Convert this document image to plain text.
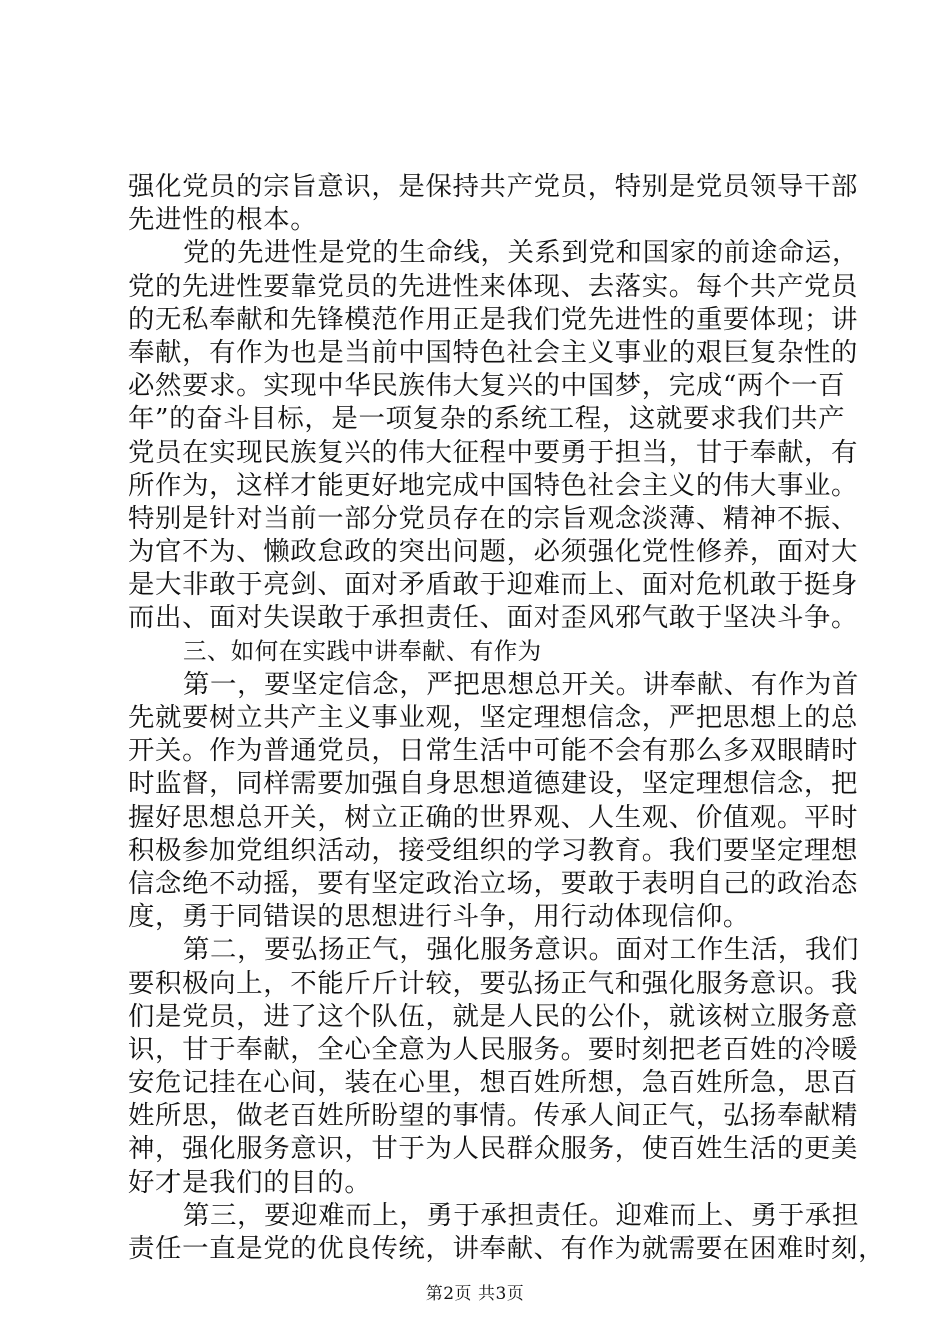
强化党员的宗旨意识，是保持共产党员，特别是党员领导干部
先进性的根本。
党的先进性是党的生命线，关系到党和国家的前途命运，
党的先进性要靠党员的先进性来体现、去落实。每个共产党员
的无私奉献和先锋模范作用正是我们党先进性的重要体现；讲
奉献，有作为也是当前中国特色社会主义事业的艰巨复杂性的
必然要求。实现中华民族伟大复兴的中国梦，完成“两个一百
年”的奋斗目标，是一项复杂的系统工程，这就要求我们共产
党员在实现民族复兴的伟大征程中要勇于担当，甘于奉献，有
所作为，这样才能更好地完成中国特色社会主义的伟大事业。
特别是针对当前一部分党员存在的宗旨观念淡薄、精神不振、
为官不为、懒政怠政的突出问题，必须强化党性修养，面对大
是大非敢于亮剑、面对矛盾敢于迎难而上、面对危机敢于挺身
而出、面对失误敢于承担责任、面对歪风邪气敢于坚决斗争。
三、如何在实践中讲奉献、有作为
第一，要坚定信念，严把思想总开关。讲奉献、有作为首
先就要树立共产主义事业观，坚定理想信念，严把思想上的总
开关。作为普通党员，日常生活中可能不会有那么多双眼睛时
时监督，同样需要加强自身思想道德建设，坚定理想信念，把
握好思想总开关，树立正确的世界观、人生观、价值观。平时
积极参加党组织活动，接受组织的学习教育。我们要坚定理想
信念绝不动摇，要有坚定政治立场，要敢于表明自己的政治态
度，勇于同错误的思想进行斗争，用行动体现信仰。
第二，要弘扬正气，强化服务意识。面对工作生活，我们
要积极向上，不能斤斤计较，要弘扬正气和强化服务意识。我
们是党员，进了这个队伍，就是人民的公仆，就该树立服务意
识，甘于奉献，全心全意为人民服务。要时刻把老百姓的冷暖
安危记挂在心间，装在心里，想百姓所想，急百姓所急，思百
姓所思，做老百姓所盼望的事情。传承人间正气，弘扬奉献精
神，强化服务意识，甘于为人民群众服务，使百姓生活的更美
好才是我们的目的。
第三，要迎难而上，勇于承担责任。迎难而上、勇于承担
责任一直是党的优良传统，讲奉献、有作为就需要在困难时刻，
第2页 共3页
